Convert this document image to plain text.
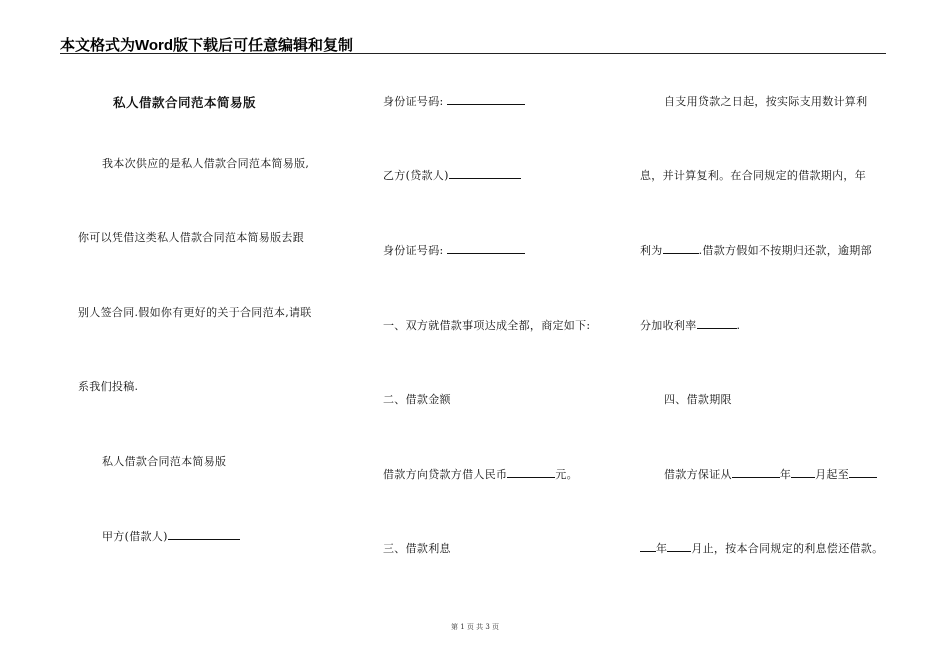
本文格式为Word版下载后可任意编辑和复制
私人借款合同范本简易版
我本次供应的是私人借款合同范本简易版,
你可以凭借这类私人借款合同范本简易版去跟
别人签合同.假如你有更好的关于合同范本,请联
系我们投稿.
私人借款合同范本简易版
甲方(借款人)
身份证号码:
乙方(贷款人)
身份证号码:
一、双方就借款事项达成全都，商定如下:
二、借款金额
借款方向贷款方借人民币	元。
三、借款利息
自支用贷款之日起，按实际支用数计算利
息，并计算复利。在合同规定的借款期内，年
利为	.借款方假如不按期归还款，逾期部
分加收利率	.
四、借款期限
借款方保证从	年 月起至
年 月止，按本合同规定的利息偿还借款。
第 1 页 共 3 页
